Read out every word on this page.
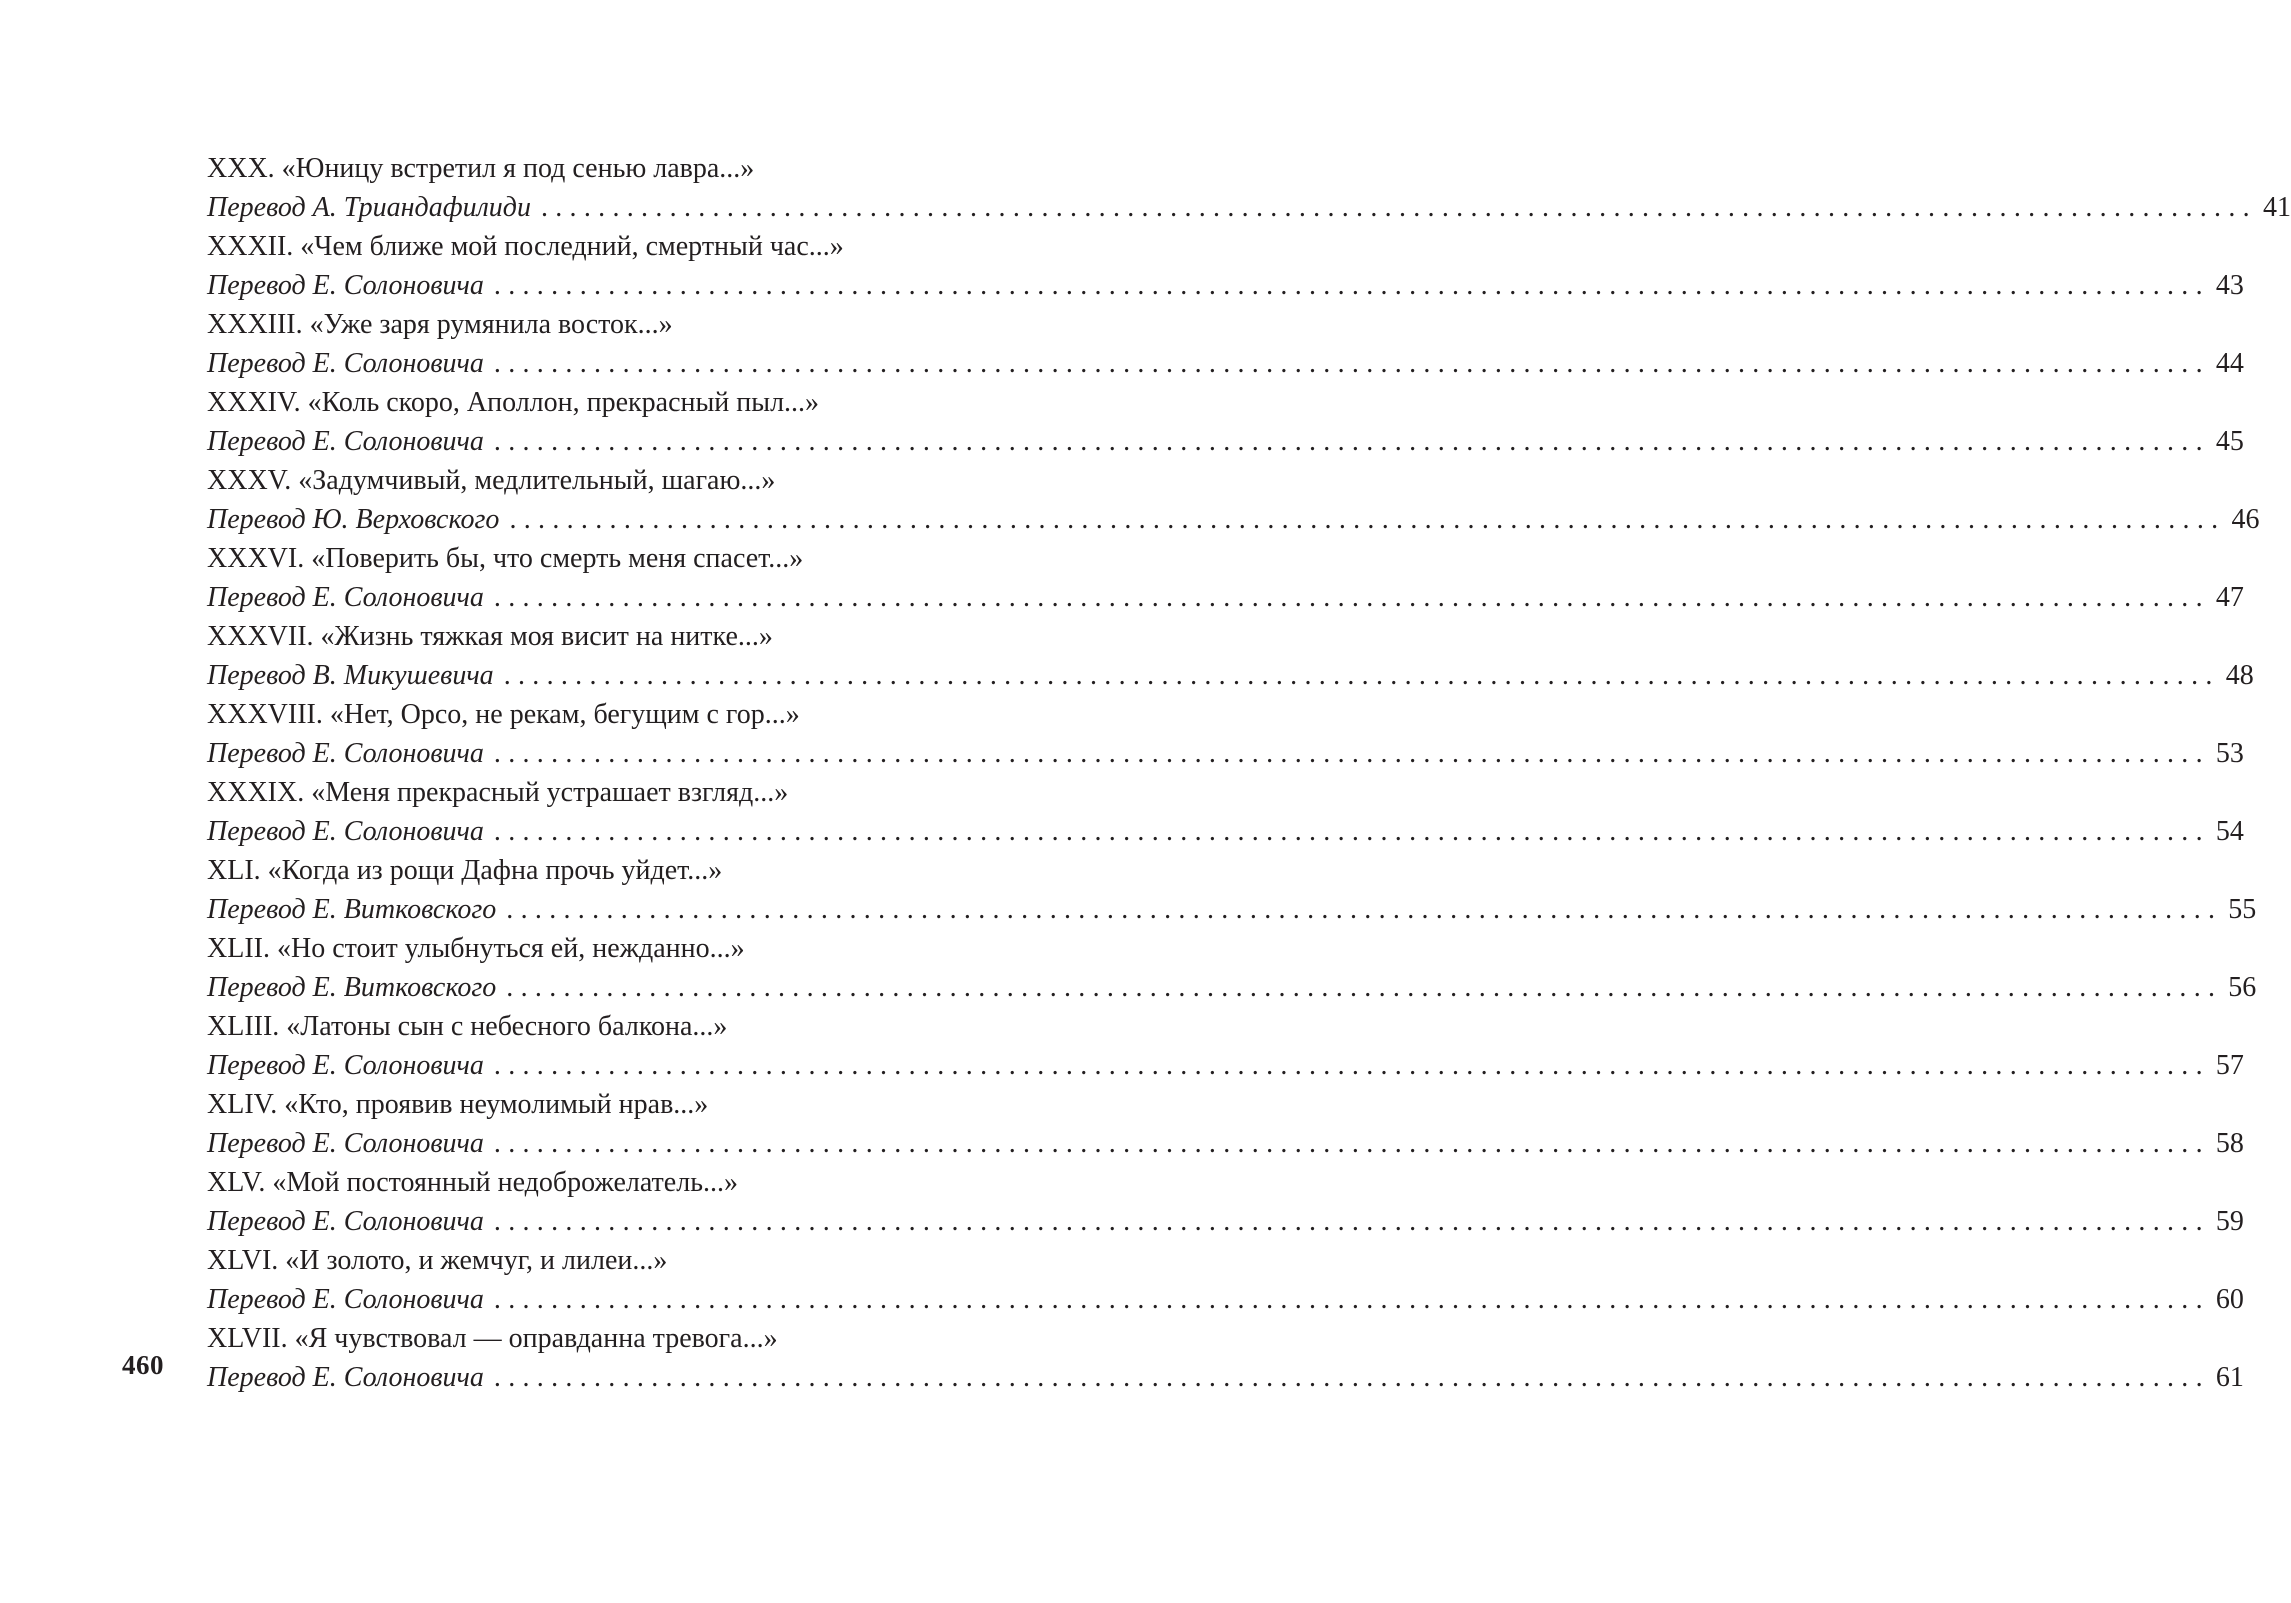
460
XXX. «Юницу встретил я под сенью лавра...»
Перевод А. Триандафилиди ........................................................................................................................ 41
XXXII. «Чем ближе мой последний, смертный час...»
Перевод Е. Солоновича ........................................................................................................................ 43
XXXIII. «Уже заря румянила восток...»
Перевод Е. Солоновича ........................................................................................................................ 44
XXXIV. «Коль скоро, Аполлон, прекрасный пыл...»
Перевод Е. Солоновича ........................................................................................................................ 45
XXXV. «Задумчивый, медлительный, шагаю...»
Перевод Ю. Верховского ........................................................................................................................ 46
XXXVI. «Поверить бы, что смерть меня спасет...»
Перевод Е. Солоновича ........................................................................................................................ 47
XXXVII. «Жизнь тяжкая моя висит на нитке...»
Перевод В. Микушевича ........................................................................................................................ 48
XXXVIII. «Нет, Орсо, не рекам, бегущим с гор...»
Перевод Е. Солоновича ........................................................................................................................ 53
XXXIX. «Меня прекрасный устрашает взгляд...»
Перевод Е. Солоновича ........................................................................................................................ 54
XLI. «Когда из рощи Дафна прочь уйдет...»
Перевод Е. Витковского ........................................................................................................................ 55
XLII. «Но стоит улыбнуться ей, нежданно...»
Перевод Е. Витковского ........................................................................................................................ 56
XLIII. «Латоны сын с небесного балкона...»
Перевод Е. Солоновича ........................................................................................................................ 57
XLIV. «Кто, проявив неумолимый нрав...»
Перевод Е. Солоновича ........................................................................................................................ 58
XLV. «Мой постоянный недоброжелатель...»
Перевод Е. Солоновича ........................................................................................................................ 59
XLVI. «И золото, и жемчуг, и лилеи...»
Перевод Е. Солоновича ........................................................................................................................ 60
XLVII. «Я чувствовал — оправданна тревога...»
Перевод Е. Солоновича ........................................................................................................................ 61
